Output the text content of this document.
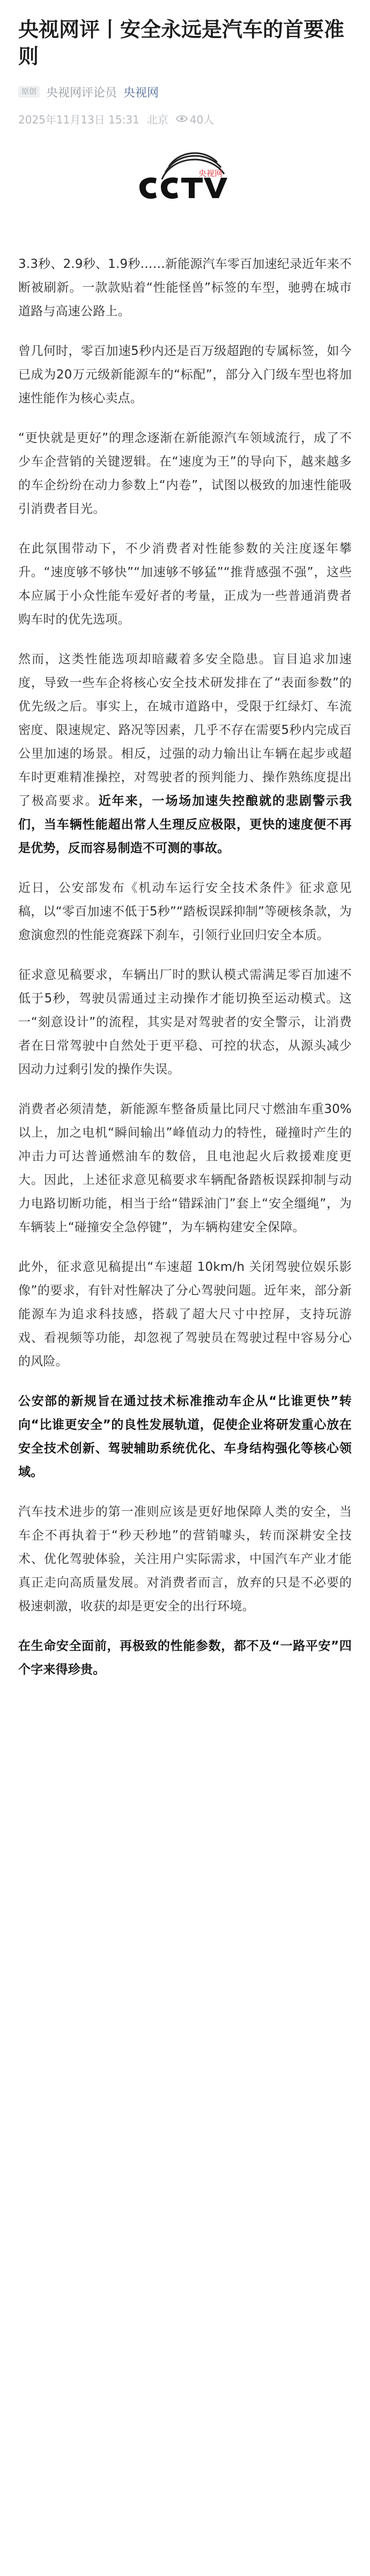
央视网评丨安全永远是汽车的首要准则
原创 央视网评论员 央视网
2025年11月13日 15:31 北京 40人
央视网

3.3秒、2.9秒、1.9秒……新能源汽车零百加速纪录近年来不断被刷新。一款款贴着“性能怪兽”标签的车型，驰骋在城市道路与高速公路上。

曾几何时，零百加速5秒内还是百万级超跑的专属标签，如今已成为20万元级新能源车的“标配”，部分入门级车型也将加速性能作为核心卖点。

“更快就是更好”的理念逐渐在新能源汽车领域流行，成了不少车企营销的关键逻辑。在“速度为王”的导向下，越来越多的车企纷纷在动力参数上“内卷”，试图以极致的加速性能吸引消费者目光。

在此氛围带动下，不少消费者对性能参数的关注度逐年攀升。“速度够不够快”“加速够不够猛”“推背感强不强”，这些本应属于小众性能车爱好者的考量，正成为一些普通消费者购车时的优先选项。

然而，这类性能选项却暗藏着多安全隐患。盲目追求加速度，导致一些车企将核心安全技术研发排在了“表面参数”的优先级之后。事实上，在城市道路中，受限于红绿灯、车流密度、限速规定、路况等因素，几乎不存在需要5秒内完成百公里加速的场景。相反，过强的动力输出让车辆在起步或超车时更难精准操控，对驾驶者的预判能力、操作熟练度提出了极高要求。近年来，一场场加速失控酿就的悲剧警示我们，当车辆性能超出常人生理反应极限，更快的速度便不再是优势，反而容易制造不可测的事故。

近日，公安部发布《机动车运行安全技术条件》征求意见稿，以“零百加速不低于5秒”“踏板误踩抑制”等硬核条款，为愈演愈烈的性能竞赛踩下刹车，引领行业回归安全本质。

征求意见稿要求，车辆出厂时的默认模式需满足零百加速不低于5秒，驾驶员需通过主动操作才能切换至运动模式。这一“刻意设计”的流程，其实是对驾驶者的安全警示，让消费者在日常驾驶中自然处于更平稳、可控的状态，从源头减少因动力过剩引发的操作失误。

消费者必须清楚，新能源车整备质量比同尺寸燃油车重30%以上，加之电机“瞬间输出”峰值动力的特性，碰撞时产生的冲击力可达普通燃油车的数倍，且电池起火后救援难度更大。因此，上述征求意见稿要求车辆配备踏板误踩抑制与动力电路切断功能，相当于给“错踩油门”套上“安全缰绳”，为车辆装上“碰撞安全急停键”，为车辆构建安全保障。

此外，征求意见稿提出“车速超 10km/h 关闭驾驶位娱乐影像”的要求，有针对性解决了分心驾驶问题。近年来，部分新能源车为追求科技感，搭载了超大尺寸中控屏，支持玩游戏、看视频等功能，却忽视了驾驶员在驾驶过程中容易分心的风险。

公安部的新规旨在通过技术标准推动车企从“比谁更快”转向“比谁更安全”的良性发展轨道，促使企业将研发重心放在安全技术创新、驾驶辅助系统优化、车身结构强化等核心领域。

汽车技术进步的第一准则应该是更好地保障人类的安全，当车企不再执着于“秒天秒地”的营销噱头，转而深耕安全技术、优化驾驶体验，关注用户实际需求，中国汽车产业才能真正走向高质量发展。对消费者而言，放弃的只是不必要的极速刺激，收获的却是更安全的出行环境。

在生命安全面前，再极致的性能参数，都不及“一路平安”四个字来得珍贵。
